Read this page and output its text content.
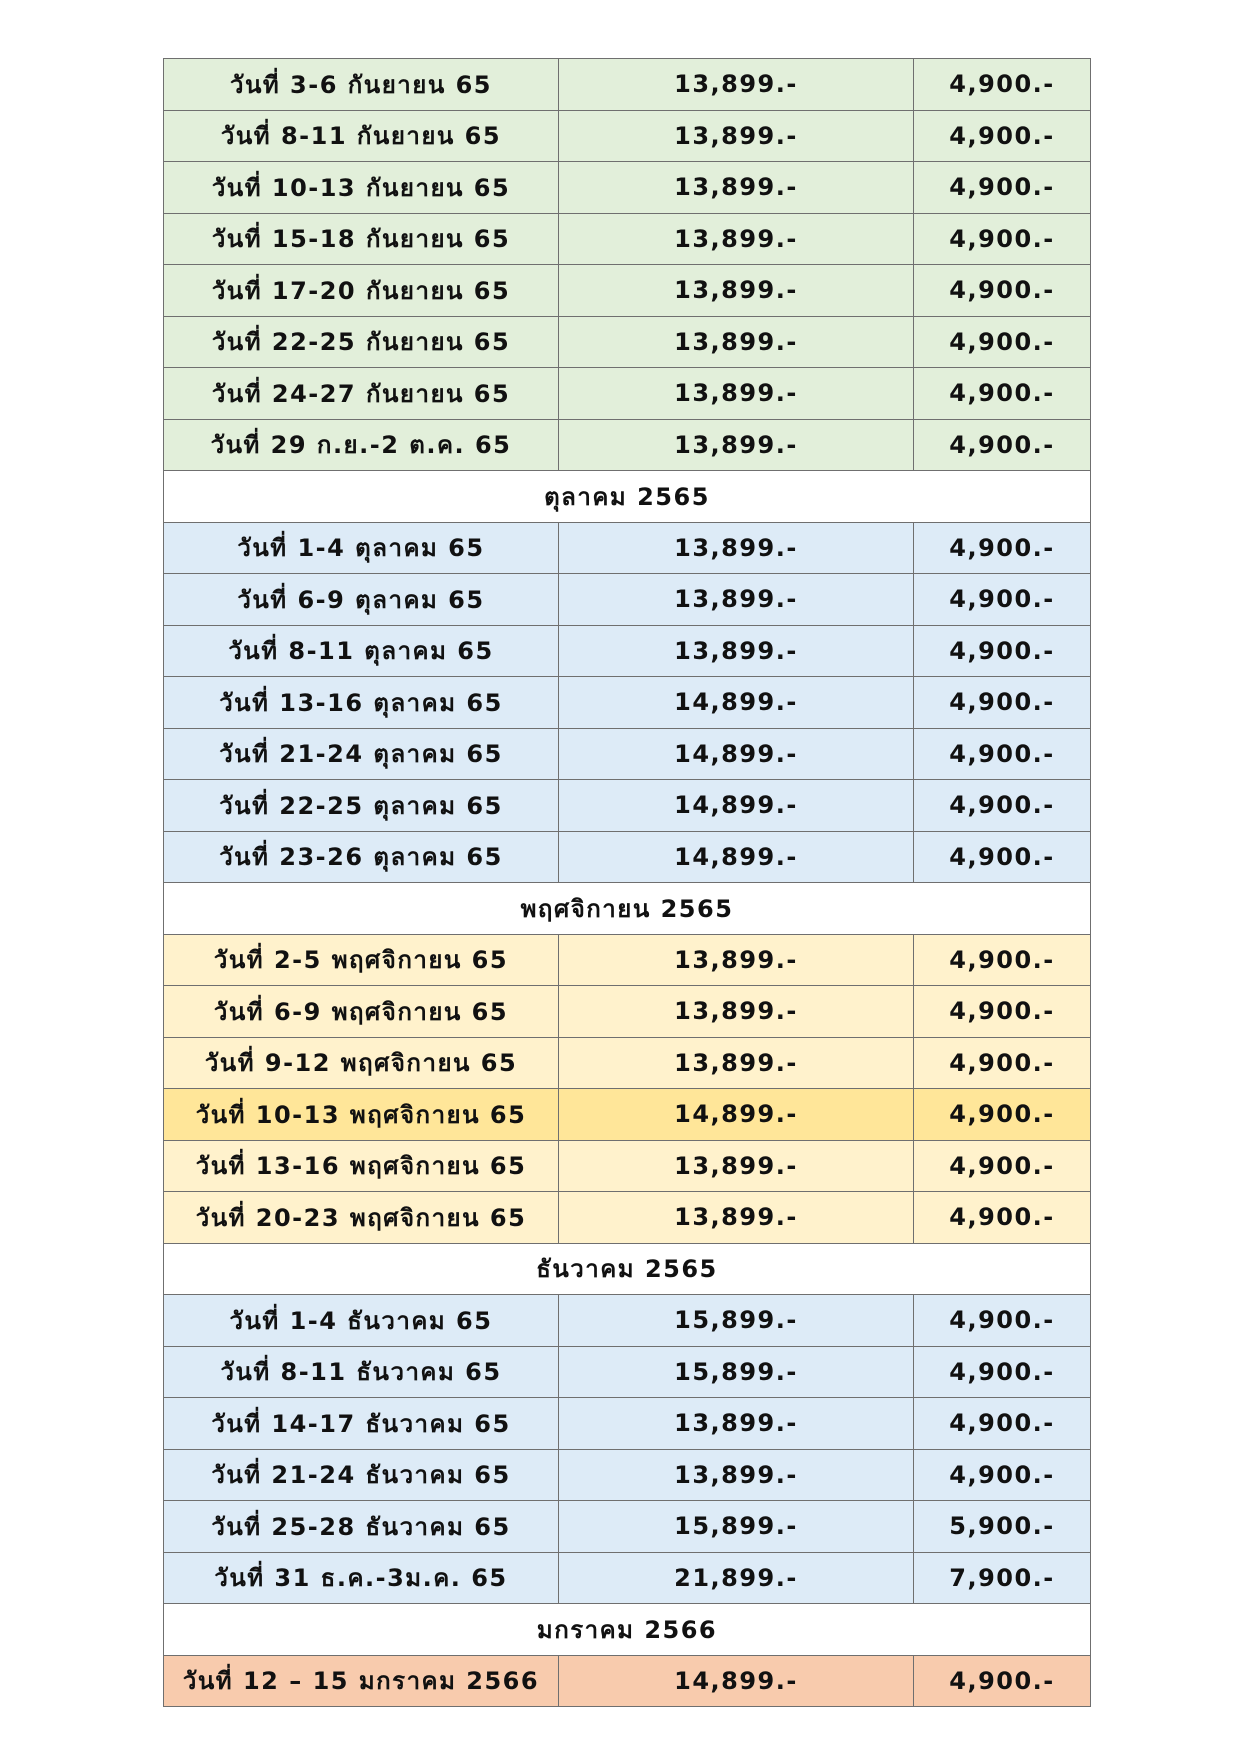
วันที่ 3-6 กันยายน 65	13,899.-	4,900.-
วันที่ 8-11 กันยายน 65	13,899.-	4,900.-
วันที่ 10-13 กันยายน 65	13,899.-	4,900.-
วันที่ 15-18 กันยายน 65	13,899.-	4,900.-
วันที่ 17-20 กันยายน 65	13,899.-	4,900.-
วันที่ 22-25 กันยายน 65	13,899.-	4,900.-
วันที่ 24-27 กันยายน 65	13,899.-	4,900.-
วันที่ 29 ก.ย.-2 ต.ค. 65	13,899.-	4,900.-
ตุลาคม 2565		
วันที่ 1-4 ตุลาคม 65	13,899.-	4,900.-
วันที่ 6-9 ตุลาคม 65	13,899.-	4,900.-
วันที่ 8-11 ตุลาคม 65	13,899.-	4,900.-
วันที่ 13-16 ตุลาคม 65	14,899.-	4,900.-
วันที่ 21-24 ตุลาคม 65	14,899.-	4,900.-
วันที่ 22-25 ตุลาคม 65	14,899.-	4,900.-
วันที่ 23-26 ตุลาคม 65	14,899.-	4,900.-
พฤศจิกายน 2565		
วันที่ 2-5 พฤศจิกายน 65	13,899.-	4,900.-
วันที่ 6-9 พฤศจิกายน 65	13,899.-	4,900.-
วันที่ 9-12 พฤศจิกายน 65	13,899.-	4,900.-
วันที่ 10-13 พฤศจิกายน 65	14,899.-	4,900.-
วันที่ 13-16 พฤศจิกายน 65	13,899.-	4,900.-
วันที่ 20-23 พฤศจิกายน 65	13,899.-	4,900.-
ธันวาคม 2565		
วันที่ 1-4 ธันวาคม 65	15,899.-	4,900.-
วันที่ 8-11 ธันวาคม 65	15,899.-	4,900.-
วันที่ 14-17 ธันวาคม 65	13,899.-	4,900.-
วันที่ 21-24 ธันวาคม 65	13,899.-	4,900.-
วันที่ 25-28 ธันวาคม 65	15,899.-	5,900.-
วันที่ 31 ธ.ค.-3ม.ค. 65	21,899.-	7,900.-
มกราคม 2566		
วันที่ 12 – 15 มกราคม 2566	14,899.-	4,900.-
